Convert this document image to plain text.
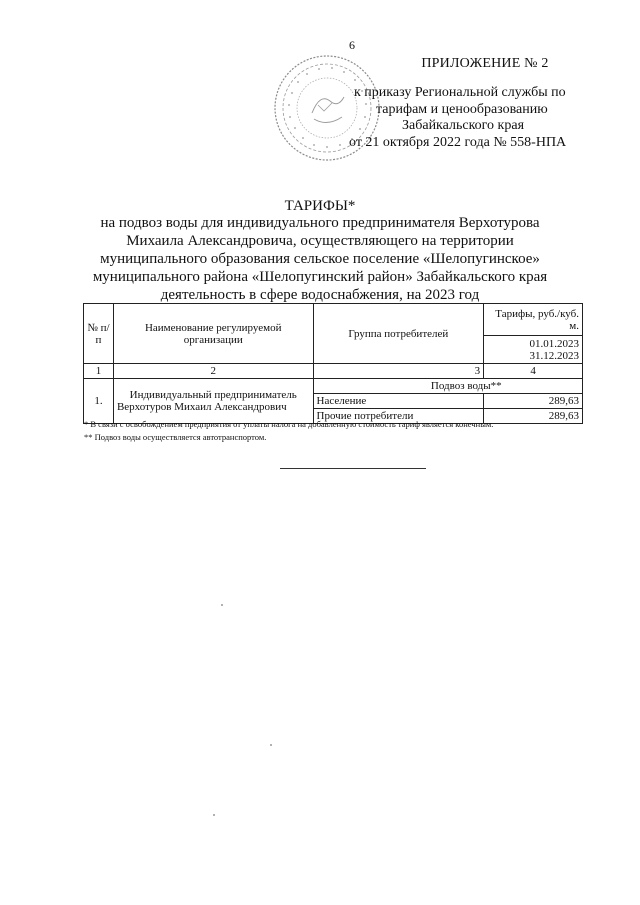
6
ПРИЛОЖЕНИЕ № 2
к приказу Региональной службы по
тарифам и ценообразованию
Забайкальского края
от 21 октября 2022 года № 558-НПА
ТАРИФЫ*
на подвоз воды для индивидуального предпринимателя Верхотурова
Михаила Александровича, осуществляющего на территории
муниципального образования сельское поселение «Шелопугинское»
муниципального района «Шелопугинский район» Забайкальского края
деятельность в сфере водоснабжения, на 2023 год
№ п/п	Наименование регулируемой организации	Группа потребителей	Тарифы, руб./куб. м.

			01.01.2023
31.12.2023

1	2	3	4
1.	Индивидуальный предприниматель
Верхотуров Михаил Александрович	Подвоз воды**	
		Население	289,63
		Прочие потребители	289,63
* В связи с освобождением предприятия от уплаты налога на добавленную стоимость тариф является конечным.
** Подвоз воды осуществляется автотранспортом.
